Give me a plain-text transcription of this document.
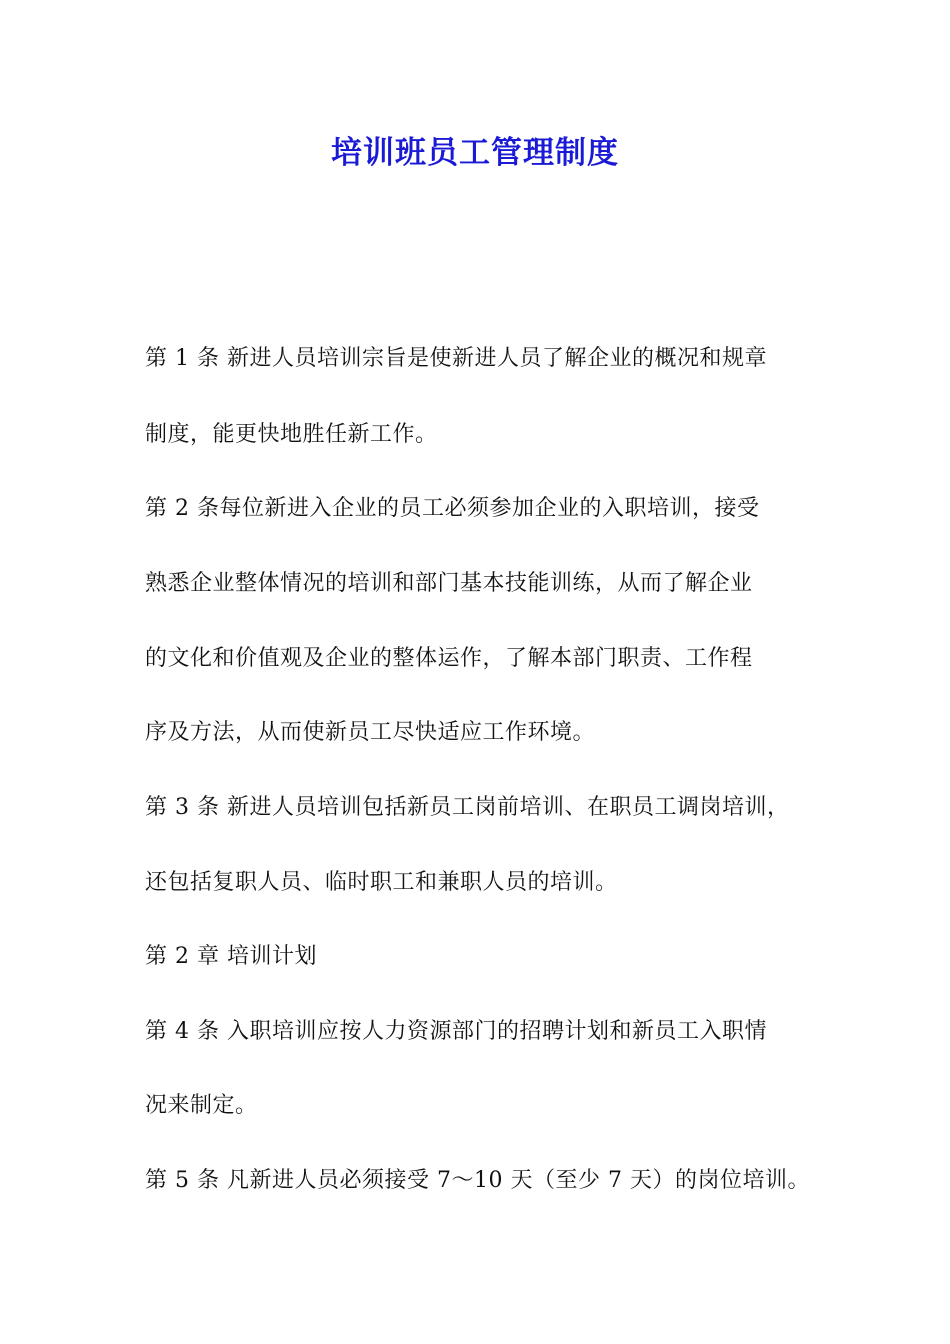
培训班员工管理制度
第 1 条 新进人员培训宗旨是使新进人员了解企业的概况和规章
制度，能更快地胜任新工作。
第 2 条每位新进入企业的员工必须参加企业的入职培训，接受
熟悉企业整体情况的培训和部门基本技能训练，从而了解企业
的文化和价值观及企业的整体运作，了解本部门职责、工作程
序及方法，从而使新员工尽快适应工作环境。
第 3 条 新进人员培训包括新员工岗前培训、在职员工调岗培训，
还包括复职人员、临时职工和兼职人员的培训。
第 2 章 培训计划
第 4 条 入职培训应按人力资源部门的招聘计划和新员工入职情
况来制定。
第 5 条 凡新进人员必须接受 7～10 天（至少 7 天）的岗位培训。
